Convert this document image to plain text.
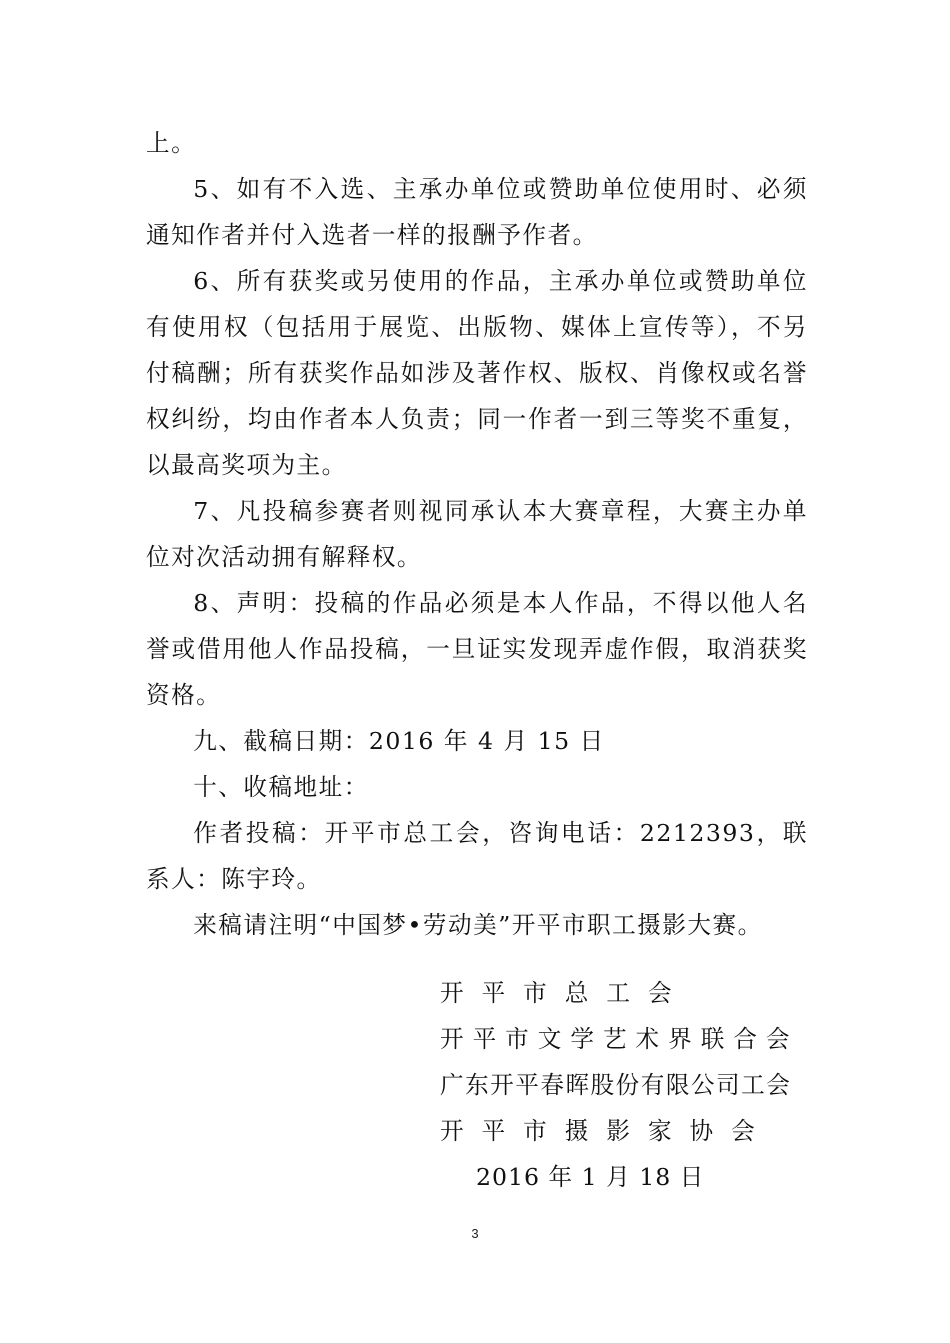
上。

5、如有不入选、主承办单位或赞助单位使用时、必须通知作者并付入选者一样的报酬予作者。

6、所有获奖或另使用的作品，主承办单位或赞助单位有使用权（包括用于展览、出版物、媒体上宣传等），不另付稿酬；所有获奖作品如涉及著作权、版权、肖像权或名誉权纠纷，均由作者本人负责；同一作者一到三等奖不重复，以最高奖项为主。

7、凡投稿参赛者则视同承认本大赛章程，大赛主办单位对次活动拥有解释权。

8、声明：投稿的作品必须是本人作品，不得以他人名誉或借用他人作品投稿，一旦证实发现弄虚作假，取消获奖资格。

九、截稿日期：2016 年 4 月 15 日

十、收稿地址：

作者投稿：开平市总工会，咨询电话：2212393，联系人：陈宇玲。

来稿请注明“中国梦•劳动美”开平市职工摄影大赛。

开平市总工会
开平市文学艺术界联合会
广东开平春晖股份有限公司工会
开平市摄影家协会
2016 年 1 月 18 日
3
